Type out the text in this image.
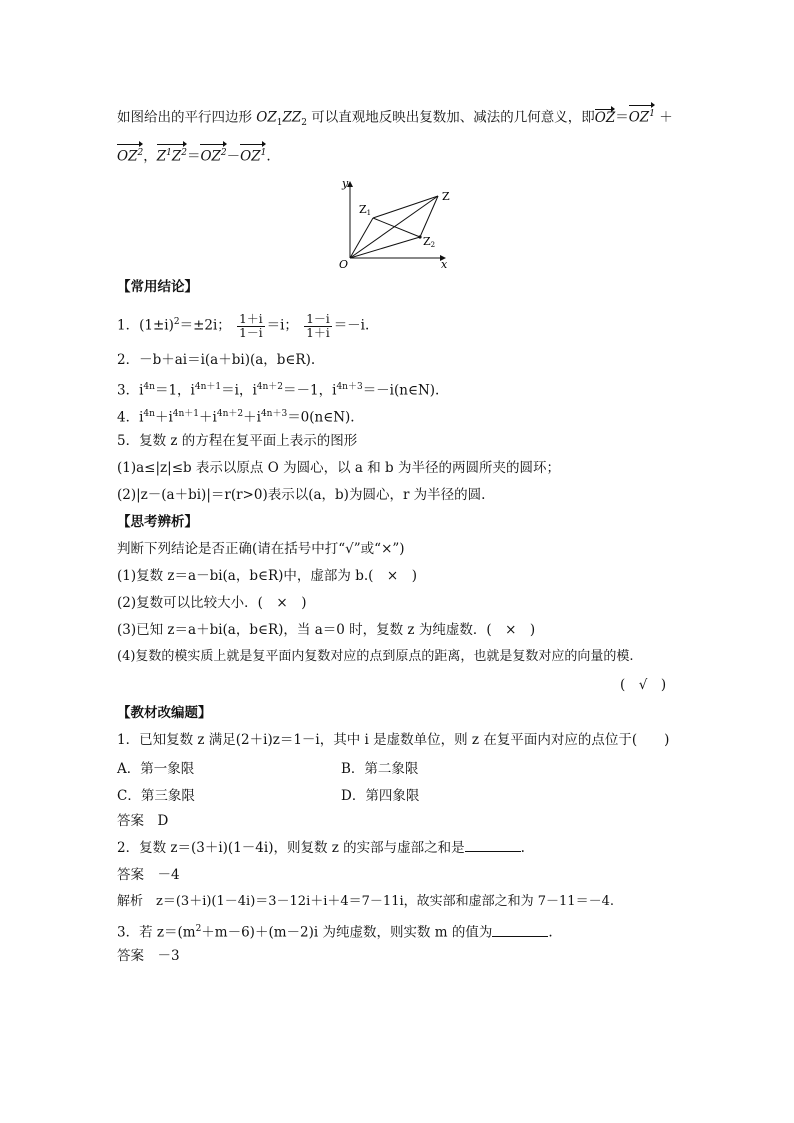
如图给出的平行四边形 $OZ_1ZZ_2$ 可以直观地反映出复数加、减法的几何意义，即$OZ=OZ^1$ ＋
$OZ^2$，$Z^1Z^2=OZ^2-OZ^1$.
y
x
O
Z
Z1
Z2
【常用结论】
1．$(1\pm i)^2=\pm 2i$； $\frac{1+i}{1-i} =i$； $\frac{1-i}{1+i} =-i$.
2．－b＋ai＝i(a＋bi)(a，b∈R).
3．$i^{4n}=1$，$i^{4n+1}=i$，$i^{4n+2}=-1$，$i^{4n+3}=-i(n\in N)$.
4．$i^{4n}+i^{4n+1}+i^{4n+2}+i^{4n+3}=0(n\in N)$.
5．复数 z 的方程在复平面上表示的图形
(1)a≤|z|≤b 表示以原点 O 为圆心，以 a 和 b 为半径的两圆所夹的圆环；
(2)|z－(a＋bi)|＝r(r>0)表示以(a，b)为圆心，r 为半径的圆.
【思考辨析】
判断下列结论是否正确(请在括号中打“√”或“×”)
(1)复数 z＝a－bi(a，b∈R)中，虚部为 b.(　×　)
(2)复数可以比较大小．(　×　)
(3)已知 z＝a＋bi(a，b∈R)，当 a＝0 时，复数 z 为纯虚数．(　×　)
(4)复数的模实质上就是复平面内复数对应的点到原点的距离，也就是复数对应的向量的模.
(　√　)
【教材改编题】
1．已知复数 z 满足(2＋i)z＝1－i，其中 i 是虚数单位，则 z 在复平面内对应的点位于(　　)
A．第一象限	B．第二象限
C．第三象限	D．第四象限
答案　D
2．复数 z＝(3＋i)(1－4i)，则复数 z 的实部与虚部之和是	.
答案　－4
解析　z＝(3＋i)(1－4i)＝3－12i＋i＋4＝7－11i，故实部和虚部之和为 7－11＝－4.
3．若 $z=(m^2+m-6)+(m-2)i$ 为纯虚数，则实数 m 的值为	.
答案　－3
